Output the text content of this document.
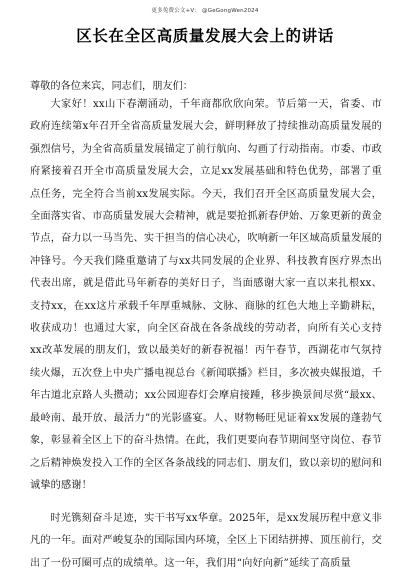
更多免费公文+V： @GeGongWen2024
区长在全区高质量发展大会上的讲话
尊敬的各位来宾，同志们，朋友们：

大家好！xx山下春潮涌动，千年商都欣欣向荣。节后第一天，省委、市政府连续第x年召开全省高质量发展大会，鲜明释放了持续推动高质量发展的强烈信号，为全省高质量发展锚定了前行航向、勾画了行动指南。市委、市政府紧接着召开全市高质量发展大会，立足xx发展基础和特色优势，部署了重点任务，完全符合当前xx发展实际。今天，我们召开全区高质量发展大会，全面落实省、市高质量发展大会精神，就是要抢抓新春伊始、万象更新的黄金节点，奋力以一马当先、实干担当的信心决心，吹响新一年区域高质量发展的冲锋号。今天我们隆重邀请了与xx共同发展的企业界、科技教育医疗界杰出代表出席，就是借此马年新春的美好日子，当面感谢大家一直以来扎根xx、支持xx，在xx这片承载千年厚重城脉、文脉、商脉的红色大地上辛勤耕耘，收获成功！也通过大家，向全区奋战在各条战线的劳动者，向所有关心支持xx改革发展的朋友们，致以最美好的新春祝福！丙午春节，西湖花市气氛持续火爆，五次登上中央广播电视总台《新闻联播》栏目，多次被央媒报道，千年古道北京路人头攒动；xx公园迎春灯会摩肩接踵，移步换景间尽赏“最xx、最岭南、最开放、最活力”的光影盛宴。人、财物畅旺见证着xx发展的蓬勃气象，彰显着全区上下的奋斗热情。在此，我们更要向春节期间坚守岗位、春节之后精神焕发投入工作的全区各条战线的同志们、朋友们，致以亲切的慰问和诚挚的感谢！

时光镌刻奋斗足迹，实干书写xx华章。2025年，是xx发展历程中意义非凡的一年。面对严峻复杂的国际国内环境，全区上下团结拼搏、顶压前行，交出了一份可圈可点的成绩单。这一年，我们用“向好向新”延续了高质量
